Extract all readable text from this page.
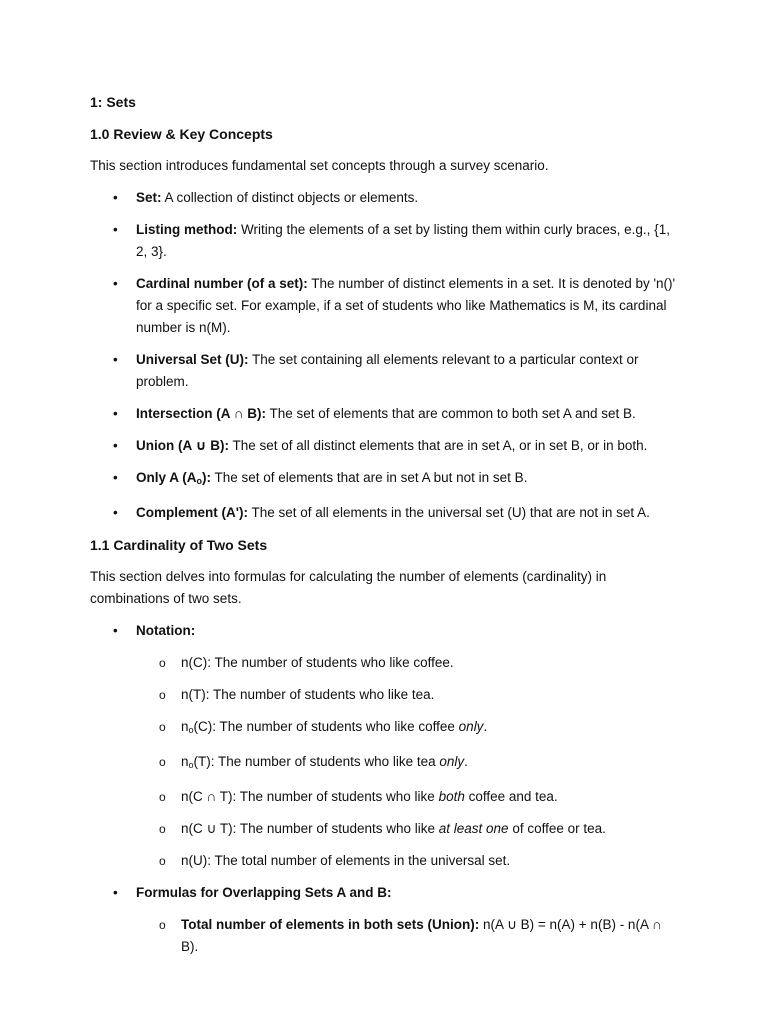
1: Sets
1.0 Review & Key Concepts

This section introduces fundamental set concepts through a survey scenario.

• Set: A collection of distinct objects or elements.
• Listing method: Writing the elements of a set by listing them within curly braces, e.g., {1, 2, 3}.
• Cardinal number (of a set): The number of distinct elements in a set. It is denoted by 'n()' for a specific set. For example, if a set of students who like Mathematics is M, its cardinal number is n(M).
• Universal Set (U): The set containing all elements relevant to a particular context or problem.
• Intersection (A ∩ B): The set of elements that are common to both set A and set B.
• Union (A ∪ B): The set of all distinct elements that are in set A, or in set B, or in both.
• Only A $(A_o)$: The set of elements that are in set A but not in set B.
• Complement (A'): The set of all elements in the universal set (U) that are not in set A.
1.1 Cardinality of Two Sets

This section delves into formulas for calculating the number of elements (cardinality) in combinations of two sets.

• Notation:
o n(C): The number of students who like coffee.
o n(T): The number of students who like tea.
o $n_o(C)$: The number of students who like coffee only.
o $n_o(T)$: The number of students who like tea only.
o n(C ∩ T): The number of students who like both coffee and tea.
o n(C ∪ T): The number of students who like at least one of coffee or tea.
o n(U): The total number of elements in the universal set.
• Formulas for Overlapping Sets A and B:
o Total number of elements in both sets (Union): n(A ∪ B) = n(A) + n(B) - n(A ∩ B).
